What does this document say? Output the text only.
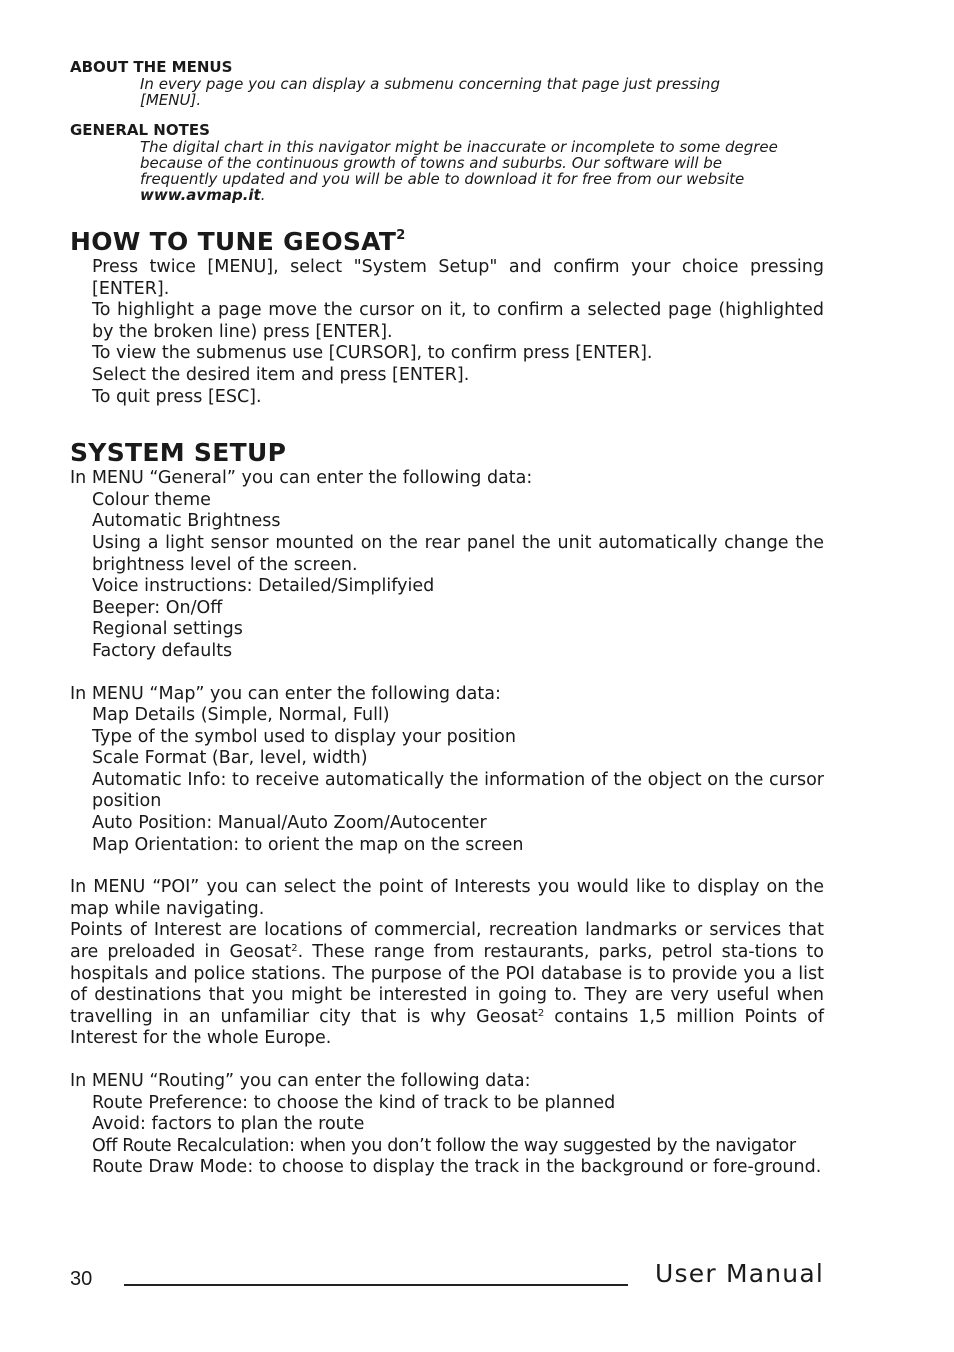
ABOUT THE MENUS

In every page you can display a submenu concerning that page just pressing [MENU].

GENERAL NOTES

The digital chart in this navigator might be inaccurate or incomplete to some degree because of the continuous growth of towns and suburbs. Our software will be frequently updated and you will be able to download it for free from our website www.avmap.it.

HOW TO TUNE GEOSAT$^2$

Press twice [MENU], select "System Setup" and confirm your choice pressing [ENTER].

To highlight a page move the cursor on it, to confirm a selected page (highlighted by the broken line) press [ENTER].

To view the submenus use [CURSOR], to confirm press [ENTER].

Select the desired item and press [ENTER].

To quit press [ESC].

SYSTEM SETUP

In MENU “General” you can enter the following data:

Colour theme

Automatic Brightness

Using a light sensor mounted on the rear panel the unit automatically change the brightness level of the screen.

Voice instructions: Detailed/Simplifyied

Beeper: On/Off

Regional settings

Factory defaults

In MENU “Map” you can enter the following data:

Map Details (Simple, Normal, Full)

Type of the symbol used to display your position

Scale Format (Bar, level, width)

Automatic Info: to receive automatically the information of the object on the cursor position

Auto Position: Manual/Auto Zoom/Autocenter

Map Orientation: to orient the map on the screen

In MENU “POI” you can select the point of Interests you would like to display on the map while navigating.

Points of Interest are locations of commercial, recreation landmarks or services that are preloaded in Geosat$^2$. These range from restaurants, parks, petrol sta-tions to hospitals and police stations. The purpose of the POI database is to provide you a list of destinations that you might be interested in going to. They are very useful when travelling in an unfamiliar city that is why Geosat$^2$ contains 1,5 million Points of Interest for the whole Europe.

In MENU “Routing” you can enter the following data:

Route Preference: to choose the kind of track to be planned

Avoid: factors to plan the route

Off Route Recalculation: when you don’t follow the way suggested by the navigator

Route Draw Mode: to choose to display the track in the background or fore-ground.

30	User Manual
